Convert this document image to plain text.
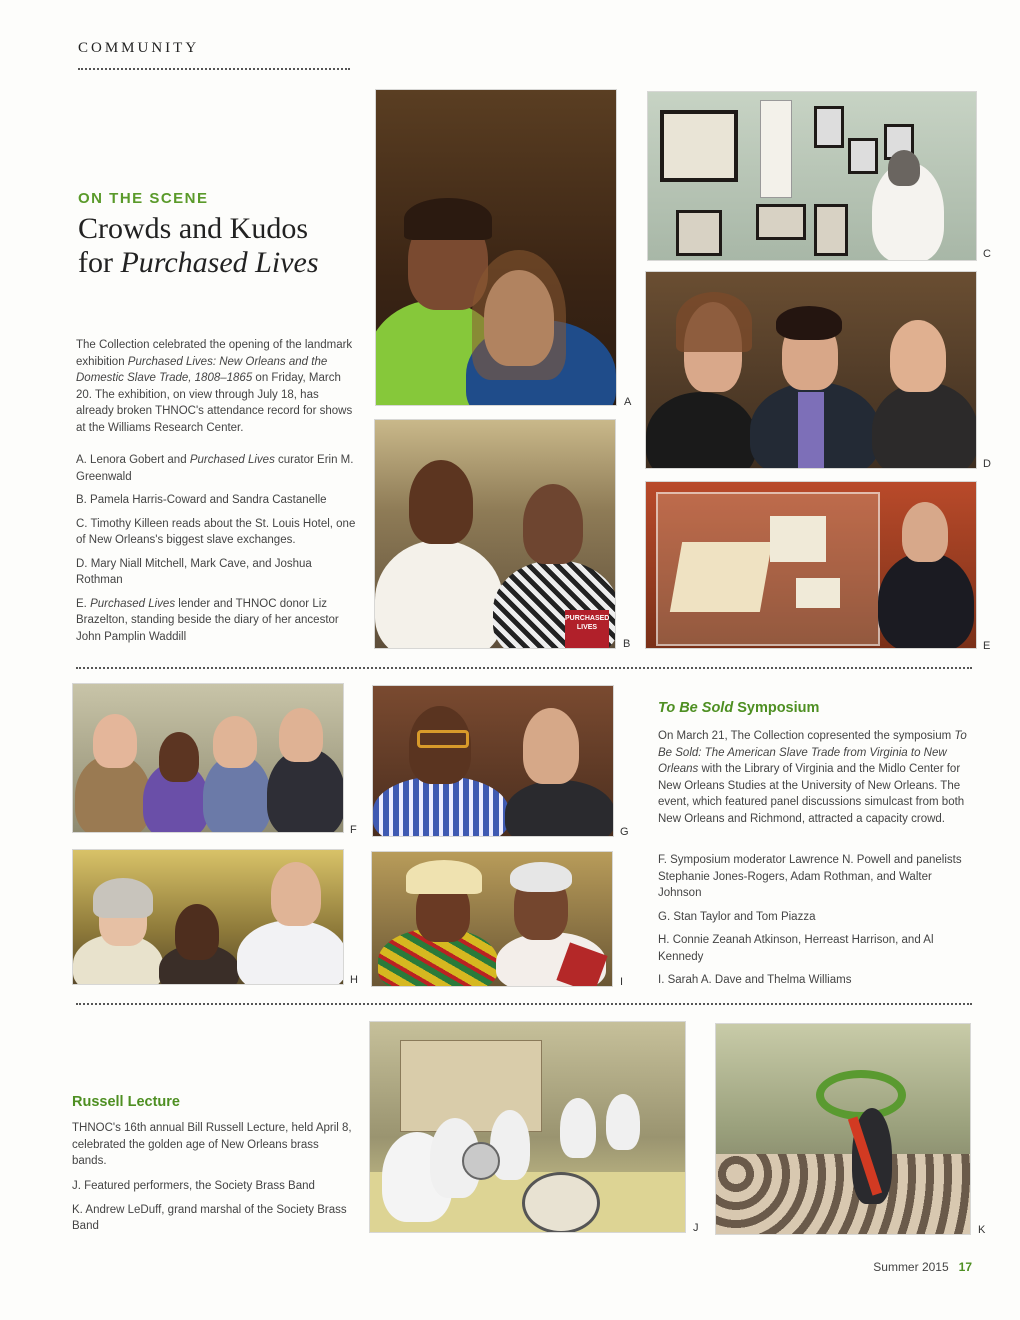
COMMUNITY
ON THE SCENE
Crowds and Kudos
for Purchased Lives
The Collection celebrated the opening of the landmark exhibition Purchased Lives: New Orleans and the Domestic Slave Trade, 1808–1865 on Friday, March 20. The exhibition, on view through July 18, has already broken THNOC's attendance record for shows at the Williams Research Center.

A. Lenora Gobert and Purchased Lives curator Erin M. Greenwald

B. Pamela Harris-Coward and Sandra Castanelle

C. Timothy Killeen reads about the St. Louis Hotel, one of New Orleans's biggest slave exchanges.

D. Mary Niall Mitchell, Mark Cave, and Joshua Rothman

E. Purchased Lives lender and THNOC donor Liz Brazelton, standing beside the diary of her ancestor John Pamplin Waddill

A
PURCHASED LIVES
B
C
D
E
F	G
H	I
To Be Sold Symposium
On March 21, The Collection copresented the symposium To Be Sold: The American Slave Trade from Virginia to New Orleans with the Library of Virginia and the Midlo Center for New Orleans Studies at the University of New Orleans. The event, which featured panel discussions simulcast from both New Orleans and Richmond, attracted a capacity crowd.

F. Symposium moderator Lawrence N. Powell and panelists Stephanie Jones-Rogers, Adam Rothman, and Walter Johnson

G. Stan Taylor and Tom Piazza

H. Connie Zeanah Atkinson, Herreast Harrison, and Al Kennedy

I. Sarah A. Dave and Thelma Williams

Russell Lecture
THNOC's 16th annual Bill Russell Lecture, held April 8, celebrated the golden age of New Orleans brass bands.

J. Featured performers, the Society Brass Band

K. Andrew LeDuff, grand marshal of the Society Brass Band	J	K
Summer 2015 17
